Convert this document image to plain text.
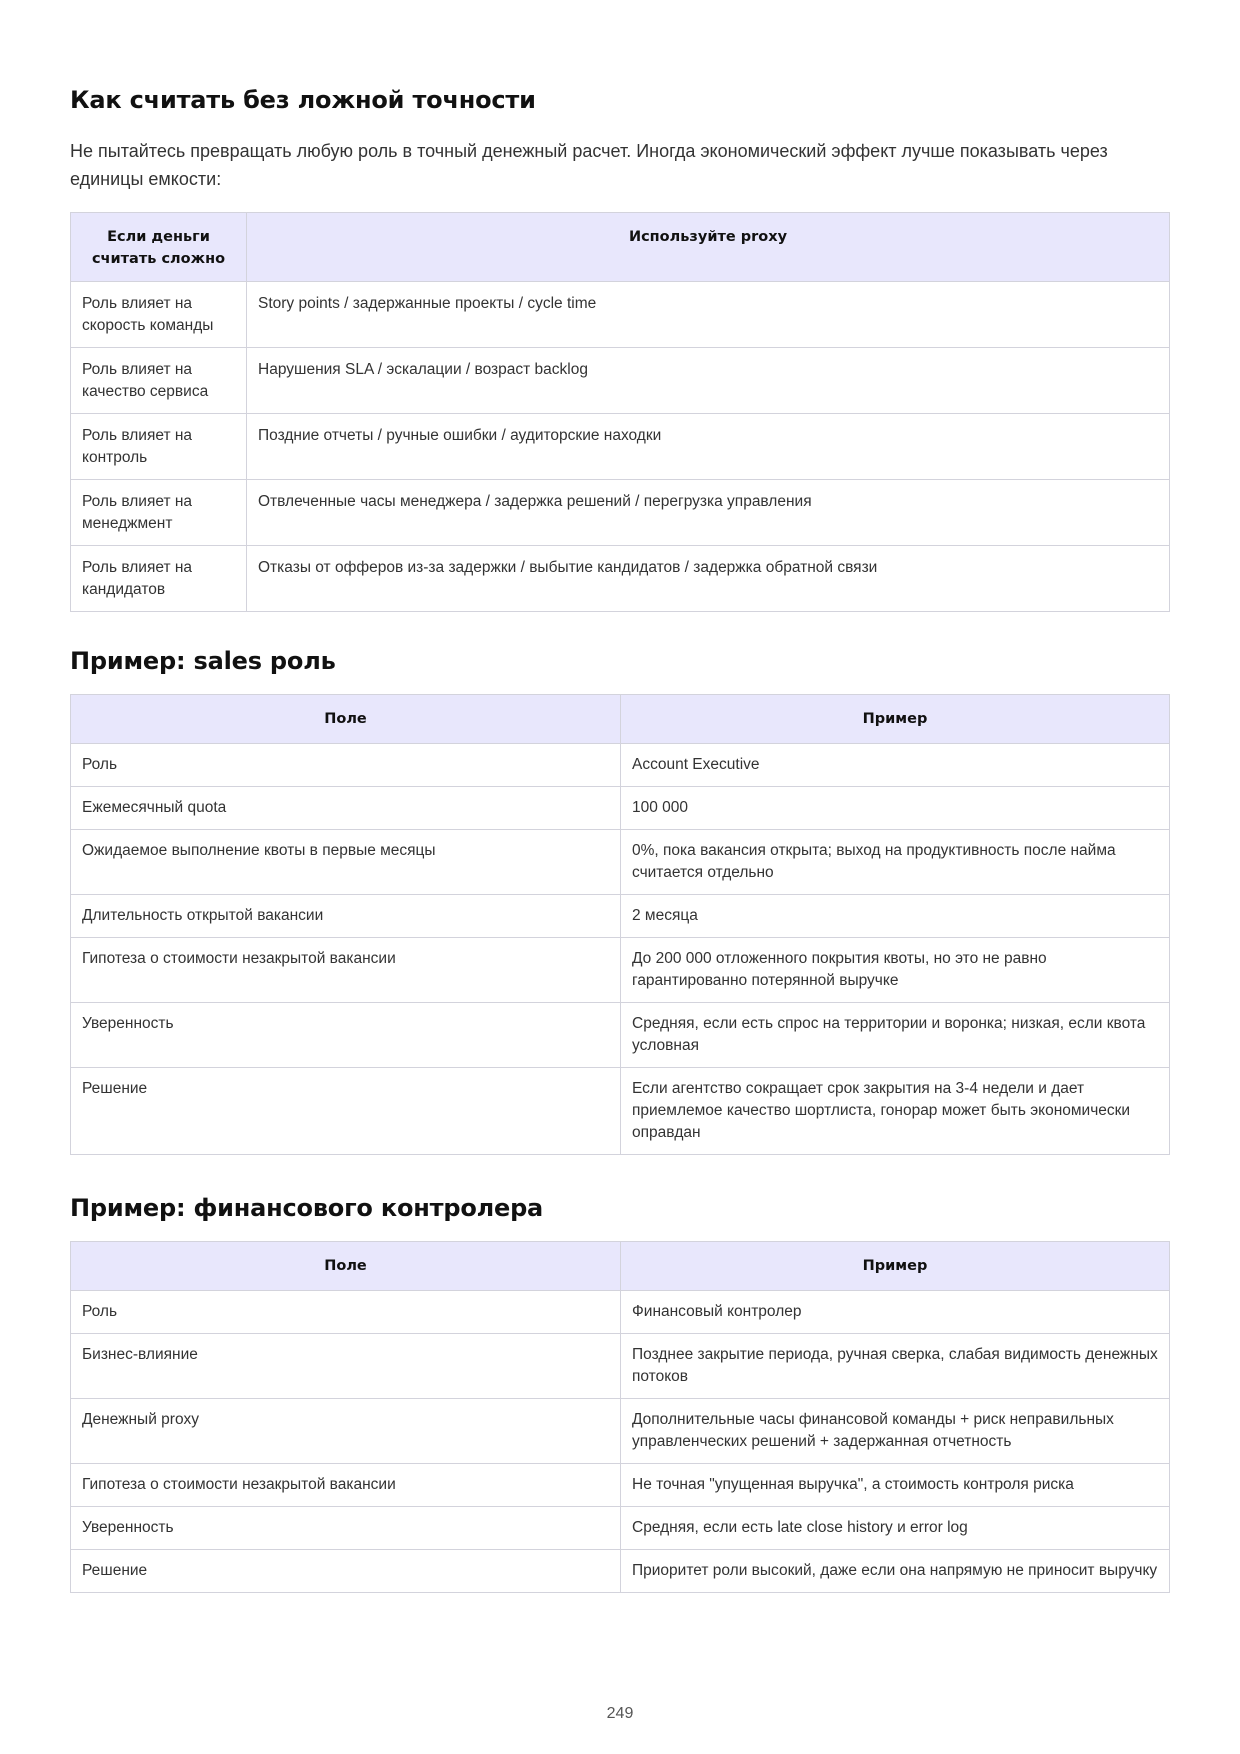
Как считать без ложной точности

Не пытайтесь превращать любую роль в точный денежный расчет. Иногда экономический эффект лучше показывать через единицы емкости:

Если деньги считать сложно	Используйте proxy
Роль влияет на скорость команды	Story points / задержанные проекты / cycle time
Роль влияет на качество сервиса	Нарушения SLA / эскалации / возраст backlog
Роль влияет на контроль	Поздние отчеты / ручные ошибки / аудиторские находки
Роль влияет на менеджмент	Отвлеченные часы менеджера / задержка решений / перегрузка управления
Роль влияет на кандидатов	Отказы от офферов из-за задержки / выбытие кандидатов / задержка обратной связи
Пример: sales роль
Поле	Пример
Роль	Account Executive
Ежемесячный quota	100 000
Ожидаемое выполнение квоты в первые месяцы	0%, пока вакансия открыта; выход на продуктивность после найма считается отдельно
Длительность открытой вакансии	2 месяца
Гипотеза о стоимости незакрытой вакансии	До 200 000 отложенного покрытия квоты, но это не равно гарантированно потерянной выручке
Уверенность	Средняя, если есть спрос на территории и воронка; низкая, если квота условная
Решение	Если агентство сокращает срок закрытия на 3-4 недели и дает приемлемое качество шортлиста, гонорар может быть экономически оправдан
Пример: финансового контролера
Поле	Пример
Роль	Финансовый контролер
Бизнес-влияние	Позднее закрытие периода, ручная сверка, слабая видимость денежных потоков
Денежный proxy	Дополнительные часы финансовой команды + риск неправильных управленческих решений + задержанная отчетность
Гипотеза о стоимости незакрытой вакансии	Не точная "упущенная выручка", а стоимость контроля риска
Уверенность	Средняя, если есть late close history и error log
Решение	Приоритет роли высокий, даже если она напрямую не приносит выручку
249
